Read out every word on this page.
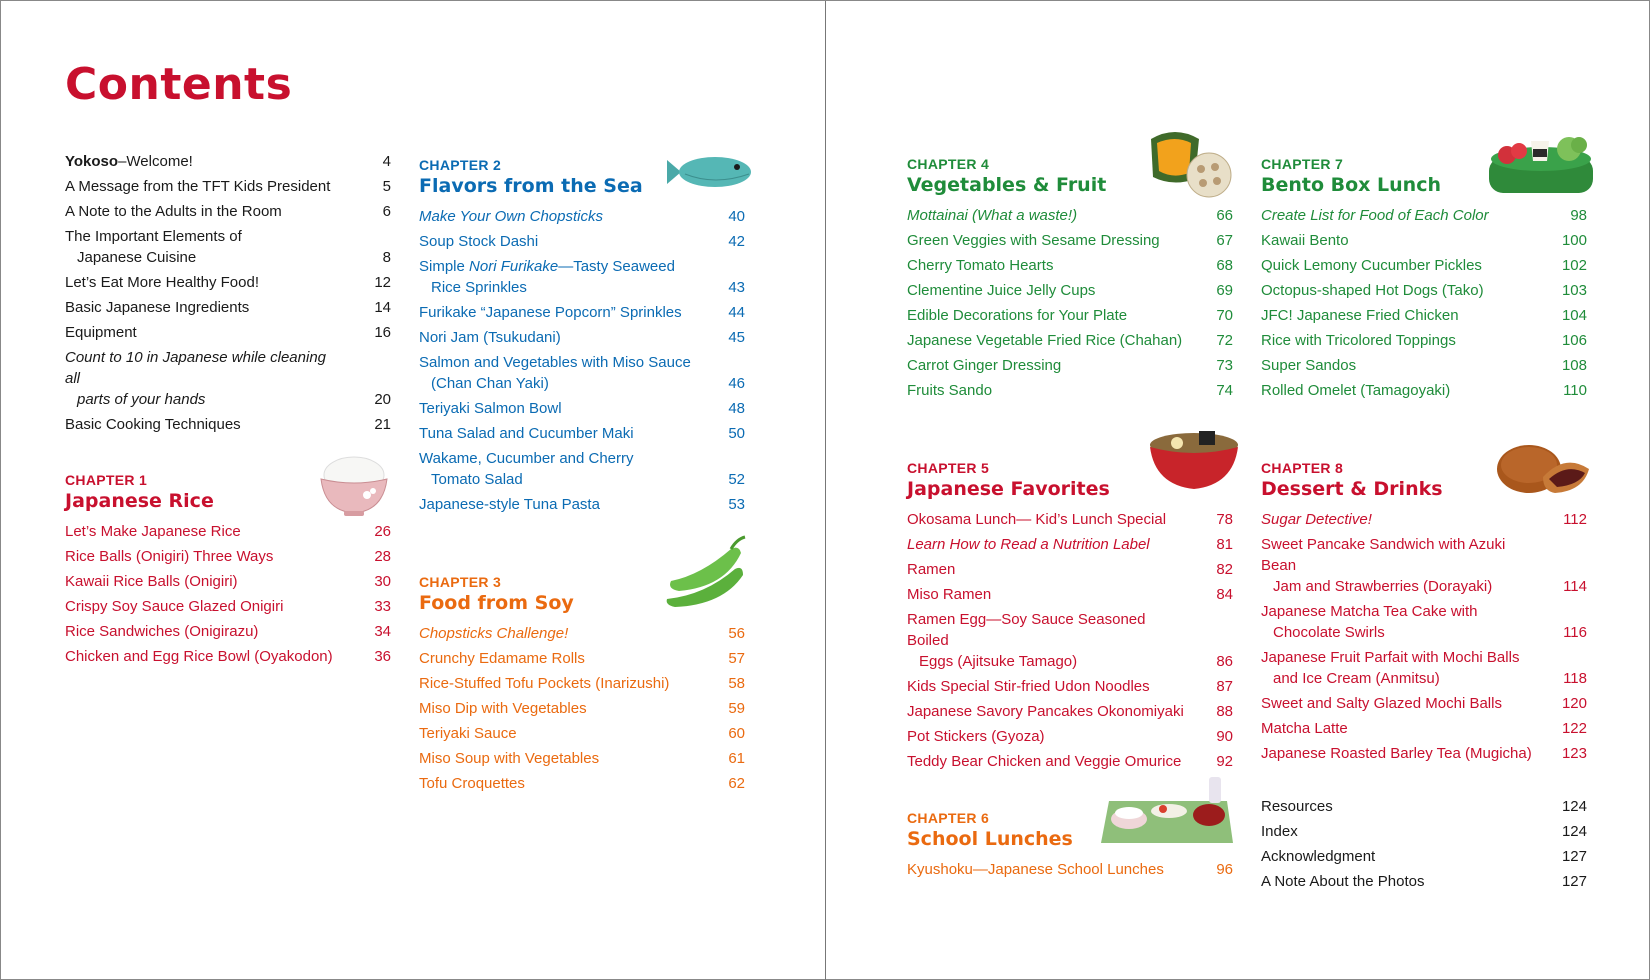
Contents
Yokoso–Welcome!	4
A Message from the TFT Kids President	5
A Note to the Adults in the Room	6
The Important Elements of
Japanese Cuisine	8
Let’s Eat More Healthy Food!	12
Basic Japanese Ingredients	14
Equipment	16
Count to 10 in Japanese while cleaning all
parts of your hands	20
Basic Cooking Techniques	21
CHAPTER 1
Japanese Rice
Let’s Make Japanese Rice	26
Rice Balls (Onigiri) Three Ways	28
Kawaii Rice Balls (Onigiri)	30
Crispy Soy Sauce Glazed Onigiri	33
Rice Sandwiches (Onigirazu)	34
Chicken and Egg Rice Bowl (Oyakodon)	36
CHAPTER 2
Flavors from the Sea
Make Your Own Chopsticks	40
Soup Stock Dashi	42
Simple Nori Furikake—Tasty Seaweed
Rice Sprinkles	43
Furikake “Japanese Popcorn” Sprinkles	44
Nori Jam (Tsukudani)	45
Salmon and Vegetables with Miso Sauce
(Chan Chan Yaki)	46
Teriyaki Salmon Bowl	48
Tuna Salad and Cucumber Maki	50
Wakame, Cucumber and Cherry
Tomato Salad	52
Japanese-style Tuna Pasta	53
CHAPTER 3
Food from Soy
Chopsticks Challenge!	56
Crunchy Edamame Rolls	57
Rice-Stuffed Tofu Pockets (Inarizushi)	58
Miso Dip with Vegetables	59
Teriyaki Sauce	60
Miso Soup with Vegetables	61
Tofu Croquettes	62
CHAPTER 4
Vegetables & Fruit
Mottainai (What a waste!)	66
Green Veggies with Sesame Dressing	67
Cherry Tomato Hearts	68
Clementine Juice Jelly Cups	69
Edible Decorations for Your Plate	70
Japanese Vegetable Fried Rice (Chahan)	72
Carrot Ginger Dressing	73
Fruits Sando	74
CHAPTER 5
Japanese Favorites
Okosama Lunch— Kid’s Lunch Special	78
Learn How to Read a Nutrition Label	81
Ramen	82
Miso Ramen	84
Ramen Egg—Soy Sauce Seasoned Boiled
Eggs (Ajitsuke Tamago)	86
Kids Special Stir-fried Udon Noodles	87
Japanese Savory Pancakes Okonomiyaki	88
Pot Stickers (Gyoza)	90
Teddy Bear Chicken and Veggie Omurice	92
CHAPTER 6
School Lunches
Kyushoku—Japanese School Lunches	96
CHAPTER 7
Bento Box Lunch
Create List for Food of Each Color	98
Kawaii Bento	100
Quick Lemony Cucumber Pickles	102
Octopus-shaped Hot Dogs (Tako)	103
JFC! Japanese Fried Chicken	104
Rice with Tricolored Toppings	106
Super Sandos	108
Rolled Omelet (Tamagoyaki)	110
CHAPTER 8
Dessert & Drinks
Sugar Detective!	112
Sweet Pancake Sandwich with Azuki Bean
Jam and Strawberries (Dorayaki)	114
Japanese Matcha Tea Cake with
Chocolate Swirls	116
Japanese Fruit Parfait with Mochi Balls
and Ice Cream (Anmitsu)	118
Sweet and Salty Glazed Mochi Balls	120
Matcha Latte	122
Japanese Roasted Barley Tea (Mugicha)	123
Resources	124
Index	124
Acknowledgment	127
A Note About the Photos	127
